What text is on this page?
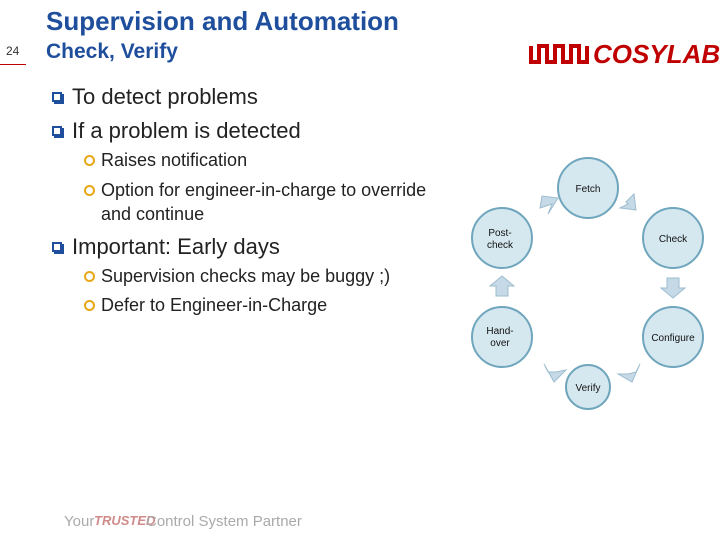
24
Supervision and Automation
Check, Verify	COSYLAB
To detect problems
If a problem is detected
Raises notification
Option for engineer-in-charge to override
and continue
Important: Early days
Supervision checks may be buggy ;)
Defer to Engineer-in-Charge
Fetch
Check
Configure
Verify
Hand-
over
Post-
check
Your TRUSTED
Control System Partner
